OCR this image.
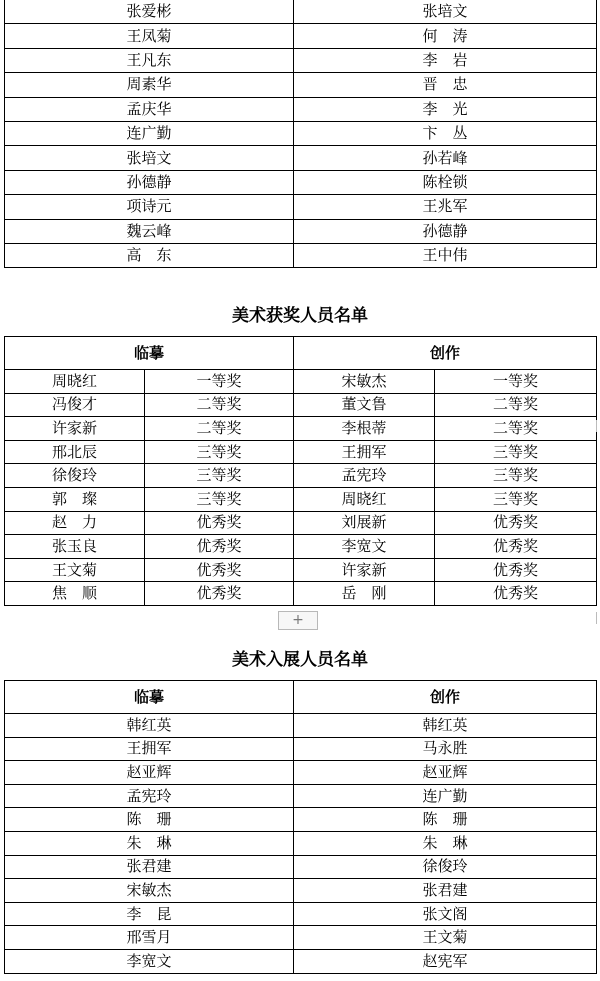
张爱彬	张培文
王凤菊	何　涛
王凡东	李　岩
周素华	晋　忠
孟庆华	李　光
连广勤	卞　丛
张培文	孙若峰
孙德静	陈栓锁
项诗元	王兆军
魏云峰	孙德静
高　东	王中伟
美术获奖人员名单
临摹		创作	
周晓红	一等奖	宋敏杰	一等奖
冯俊才	二等奖	董文鲁	二等奖
许家新	二等奖	李根蒂	二等奖
邢北辰	三等奖	王拥军	三等奖
徐俊玲	三等奖	孟宪玲	三等奖
郭　璨	三等奖	周晓红	三等奖
赵　力	优秀奖	刘展新	优秀奖
张玉良	优秀奖	李宽文	优秀奖
王文菊	优秀奖	许家新	优秀奖
焦　顺	优秀奖	岳　刚	优秀奖
+
美术入展人员名单
临摹	创作
韩红英	韩红英
王拥军	马永胜
赵亚辉	赵亚辉
孟宪玲	连广勤
陈　珊	陈　珊
朱　琳	朱　琳
张君建	徐俊玲
宋敏杰	张君建
李　昆	张文阁
邢雪月	王文菊
李宽文	赵宪军
